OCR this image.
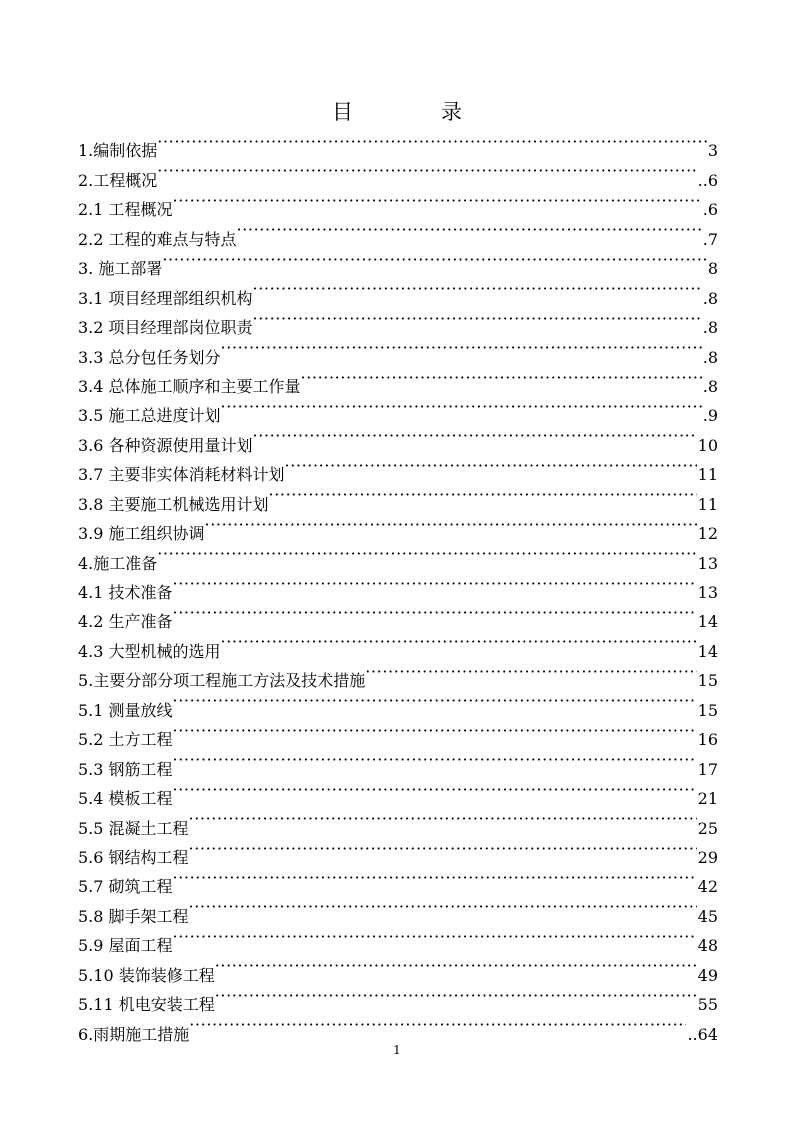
目	录
1.编制依据 ·····	3
2.工程概况 ·····	..6
2.1 工程概况 ·····	.6
2.2 工程的难点与特点 ·····	.7
3. 施工部署 ·····	8
3.1 项目经理部组织机构 ·····	.8
3.2 项目经理部岗位职责 ·····	.8
3.3 总分包任务划分 ·····	.8
3.4 总体施工顺序和主要工作量 ·····	.8
3.5 施工总进度计划 ·····	.9
3.6 各种资源使用量计划 ·····	10
3.7 主要非实体消耗材料计划 ·····	11
3.8 主要施工机械选用计划 ·····	11
3.9 施工组织协调 ·····	12
4.施工准备 ·····	13
4.1 技术准备 ·····	13
4.2 生产准备 ·····	14
4.3 大型机械的选用 ·····	14
5.主要分部分项工程施工方法及技术措施 ·····	15
5.1 测量放线 ·····	15
5.2 土方工程 ·····	16
5.3 钢筋工程 ·····	17
5.4 模板工程 ·····	21
5.5 混凝土工程 ·····	25
5.6 钢结构工程 ·····	29
5.7 砌筑工程 ·····	42
5.8 脚手架工程 ·····	45
5.9 屋面工程 ·····	48
5.10 装饰装修工程 ·····	49
5.11 机电安装工程 ·····	55
6.雨期施工措施 ·····	..64
1
